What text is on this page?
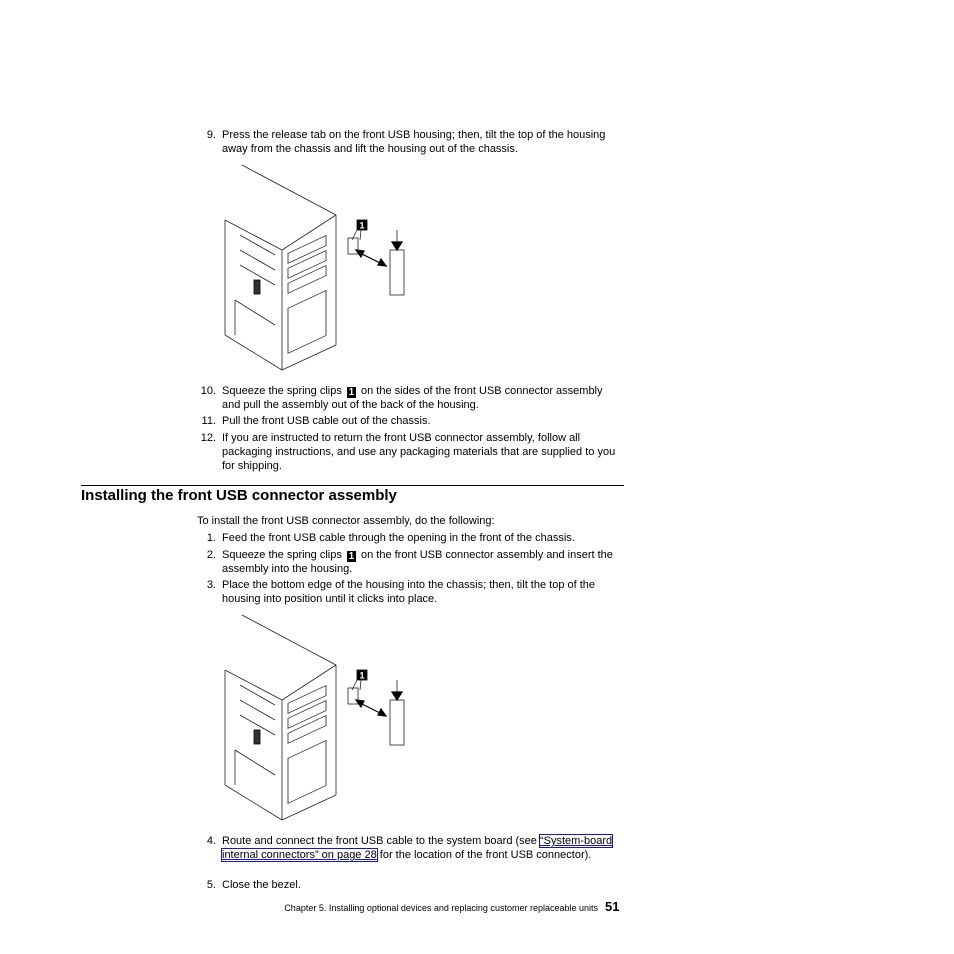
9. Press the release tab on the front USB housing; then, tilt the top of the housing away from the chassis and lift the housing out of the chassis.
1
10. Squeeze the spring clips 1 on the sides of the front USB connector assembly and pull the assembly out of the back of the housing.
11. Pull the front USB cable out of the chassis.
12. If you are instructed to return the front USB connector assembly, follow all packaging instructions, and use any packaging materials that are supplied to you for shipping.
Installing the front USB connector assembly
To install the front USB connector assembly, do the following:
1. Feed the front USB cable through the opening in the front of the chassis.
2. Squeeze the spring clips 1 on the front USB connector assembly and insert the assembly into the housing.
3. Place the bottom edge of the housing into the chassis; then, tilt the top of the housing into position until it clicks into place.
1
4. Route and connect the front USB cable to the system board (see “System-board internal connectors” on page 28 for the location of the front USB connector).
5. Close the bezel.
Chapter 5. Installing optional devices and replacing customer replaceable units 51
